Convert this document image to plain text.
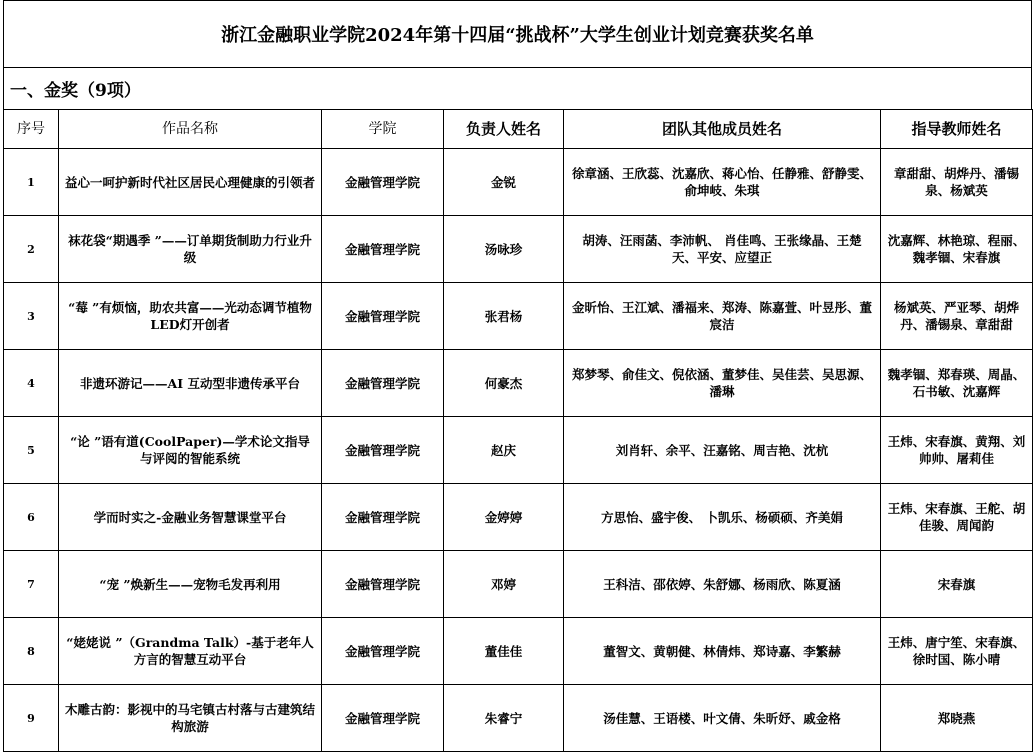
浙江金融职业学院2024年第十四届“挑战杯”大学生创业计划竞赛获奖名单
一、金奖（9项）
序号	作品名称	学院	负责人姓名	团队其他成员姓名	指导教师姓名
1	益心一呵护新时代社区居民心理健康的引领者	金融管理学院	金锐	徐章涵、王欣蕊、沈嘉欣、蒋心怡、任静雅、舒静雯、俞坤岐、朱琪	章甜甜、胡烨丹、潘锡泉、杨斌英
2	袜花袋“期遇季 ”——订单期货制助力行业升级	金融管理学院	汤咏珍	胡涛、汪雨菡、李沛帆、 肖佳鸣、王张缘晶、王楚天、平安、应望正	沈嘉辉、林艳琼、程丽、魏孝锢、宋春旗
3	“莓 ”有烦恼，助农共富——光动态调节植物LED灯开创者	金融管理学院	张君杨	金昕怡、王江斌、潘福来、郑涛、陈嘉萱、叶昱彤、董宸洁	杨斌英、严亚琴、胡烨丹、潘锡泉、章甜甜
4	非遗环游记——AI 互动型非遗传承平台	金融管理学院	何豪杰	郑梦琴、俞佳文、倪依涵、董梦佳、吴佳芸、吴思源、潘琳	魏孝锢、郑春瑛、周晶、石书敏、沈嘉辉
5	“论 ”语有道(CoolPaper)—学术论文指导与评阅的智能系统	金融管理学院	赵庆	刘肖轩、余平、汪嘉铭、周吉艳、沈杭	王炜、宋春旗、黄翔、刘帅帅、屠莉佳
6	学而时实之-金融业务智慧课堂平台	金融管理学院	金婷婷	方思怡、盛宇俊、 卜凯乐、杨硕硕、齐美娟	王炜、宋春旗、王舵、胡佳骏、周闻韵
7	“宠 ”焕新生——宠物毛发再利用	金融管理学院	邓婷	王科洁、邵依婷、朱舒娜、杨雨欣、陈夏涵	宋春旗
8	“姥姥说 ”（Grandma Talk）-基于老年人方言的智慧互动平台	金融管理学院	董佳佳	董智文、黄朝健、林倩炜、郑诗嘉、李繁赫	王炜、唐宁笙、宋春旗、徐时国、陈小晴
9	木雕古韵：影视中的马宅镇古村落与古建筑结构旅游	金融管理学院	朱睿宁	汤佳慧、王语楼、叶文倩、朱昕妤、戚金格	郑晓燕
